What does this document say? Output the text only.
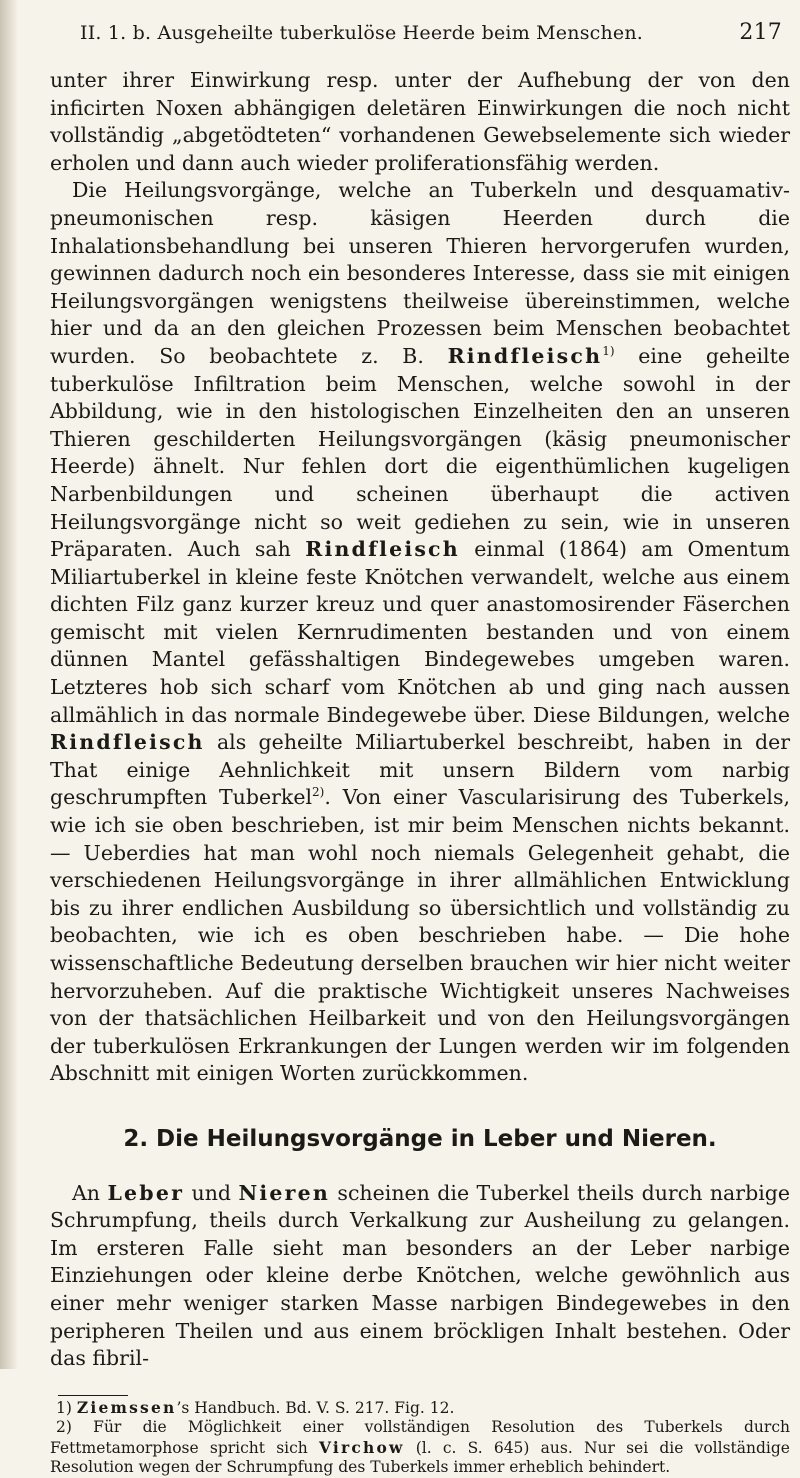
II. 1. b. Ausgeheilte tuberkulöse Heerde beim Menschen.	217

unter ihrer Einwirkung resp. unter der Aufhebung der von den inficirten Noxen abhängigen deletären Einwirkungen die noch nicht vollständig „abgetödteten“ vorhandenen Gewebselemente sich wieder erholen und dann auch wieder proliferationsfähig werden.

Die Heilungsvorgänge, welche an Tuberkeln und desquamativ-pneumonischen resp. käsigen Heerden durch die Inhalationsbehandlung bei unseren Thieren hervorgerufen wurden, gewinnen dadurch noch ein besonderes Interesse, dass sie mit einigen Heilungsvorgängen wenigstens theilweise übereinstimmen, welche hier und da an den gleichen Prozessen beim Menschen beobachtet wurden. So beobachtete z. B. Rindfleisch$^{1)}$ eine geheilte tuberkulöse Infiltration beim Menschen, welche sowohl in der Abbildung, wie in den histologischen Einzelheiten den an unseren Thieren geschilderten Heilungsvorgängen (käsig pneumonischer Heerde) ähnelt. Nur fehlen dort die eigenthümlichen kugeligen Narbenbildungen und scheinen überhaupt die activen Heilungsvorgänge nicht so weit gediehen zu sein, wie in unseren Präparaten. Auch sah Rindfleisch einmal (1864) am Omentum Miliartuberkel in kleine feste Knötchen verwandelt, welche aus einem dichten Filz ganz kurzer kreuz und quer anastomosirender Fäserchen gemischt mit vielen Kernrudimenten bestanden und von einem dünnen Mantel gefässhaltigen Bindegewebes umgeben waren. Letzteres hob sich scharf vom Knötchen ab und ging nach aussen allmählich in das normale Bindegewebe über. Diese Bildungen, welche Rindfleisch als geheilte Miliartuberkel beschreibt, haben in der That einige Aehnlichkeit mit unsern Bildern vom narbig geschrumpften Tuberkel$^{2)}$. Von einer Vascularisirung des Tuberkels, wie ich sie oben beschrieben, ist mir beim Menschen nichts bekannt. — Ueberdies hat man wohl noch niemals Gelegenheit gehabt, die verschiedenen Heilungsvorgänge in ihrer allmählichen Entwicklung bis zu ihrer endlichen Ausbildung so übersichtlich und vollständig zu beobachten, wie ich es oben beschrieben habe. — Die hohe wissenschaftliche Bedeutung derselben brauchen wir hier nicht weiter hervorzuheben. Auf die praktische Wichtigkeit unseres Nachweises von der thatsächlichen Heilbarkeit und von den Heilungsvorgängen der tuberkulösen Erkrankungen der Lungen werden wir im folgenden Abschnitt mit einigen Worten zurückkommen.

2. Die Heilungsvorgänge in Leber und Nieren.

An Leber und Nieren scheinen die Tuberkel theils durch narbige Schrumpfung, theils durch Verkalkung zur Ausheilung zu gelangen. Im ersteren Falle sieht man besonders an der Leber narbige Einziehungen oder kleine derbe Knötchen, welche gewöhnlich aus einer mehr weniger starken Masse narbigen Bindegewebes in den peripheren Theilen und aus einem bröckligen Inhalt bestehen. Oder das fibril-

1) Ziemssen’s Handbuch. Bd. V. S. 217. Fig. 12.

2) Für die Möglichkeit einer vollständigen Resolution des Tuberkels durch Fettmetamorphose spricht sich Virchow (l. c. S. 645) aus. Nur sei die vollständige Resolution wegen der Schrumpfung des Tuberkels immer erheblich behindert.
